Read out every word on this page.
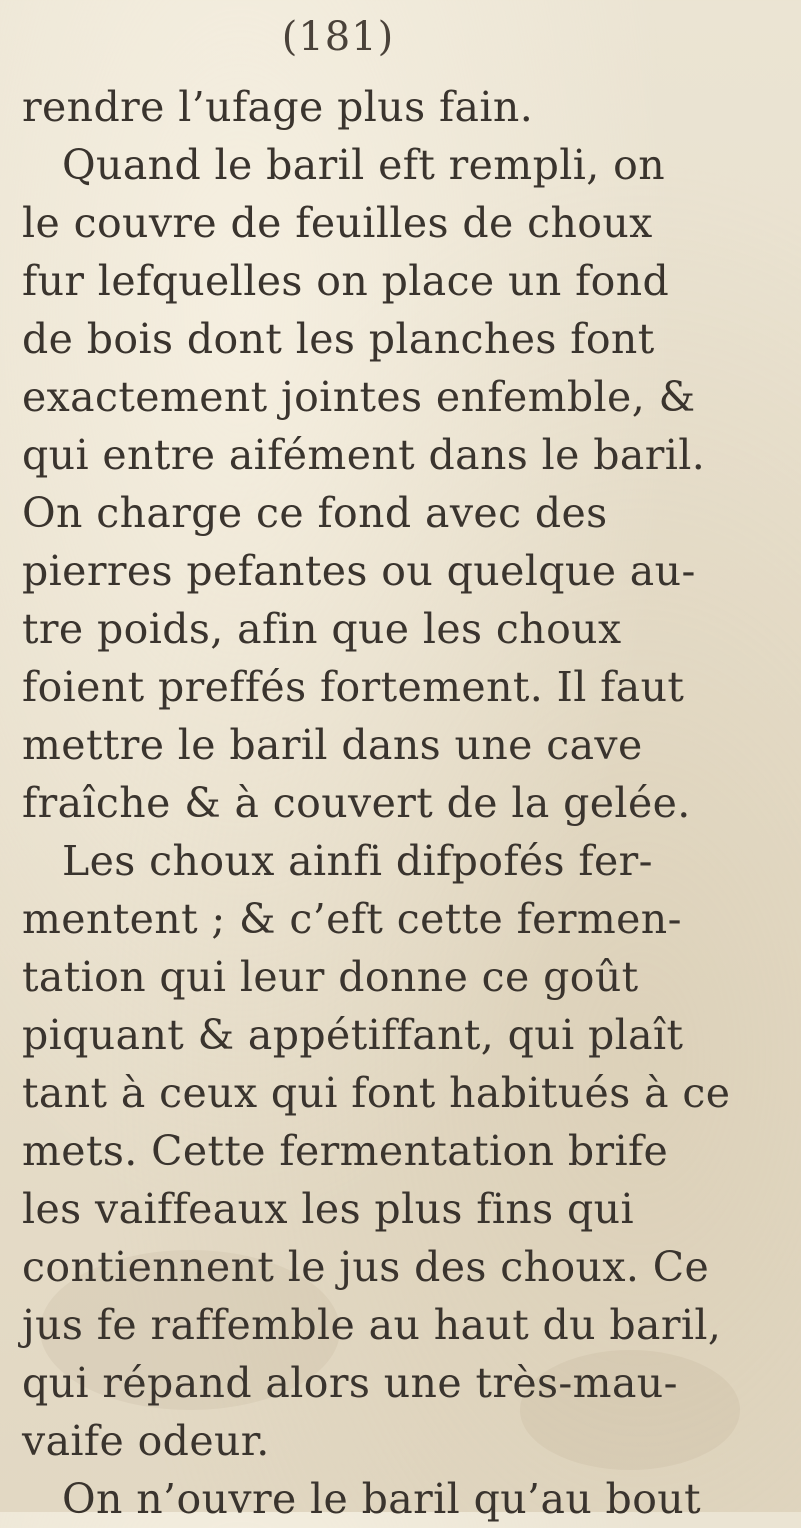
(181)
rendre l’ufage plus fain.
Quand le baril eft rempli, on
le couvre de feuilles de choux
fur lefquelles on place un fond
de bois dont les planches font
exactement jointes enfemble, &
qui entre aifément dans le baril.
On charge ce fond avec des
pierres pefantes ou quelque au-
tre poids, afin que les choux
foient preffés fortement. Il faut
mettre le baril dans une cave
fraîche & à couvert de la gelée.
Les choux ainfi difpofés fer-
mentent ; & c’eft cette fermen-
tation qui leur donne ce goût
piquant & appétiffant, qui plaît
tant à ceux qui font habitués à ce
mets. Cette fermentation brife
les vaiffeaux les plus fins qui
contiennent le jus des choux. Ce
jus fe raffemble au haut du baril,
qui répand alors une très-mau-
vaife odeur.
On n’ouvre le baril qu’au bout
